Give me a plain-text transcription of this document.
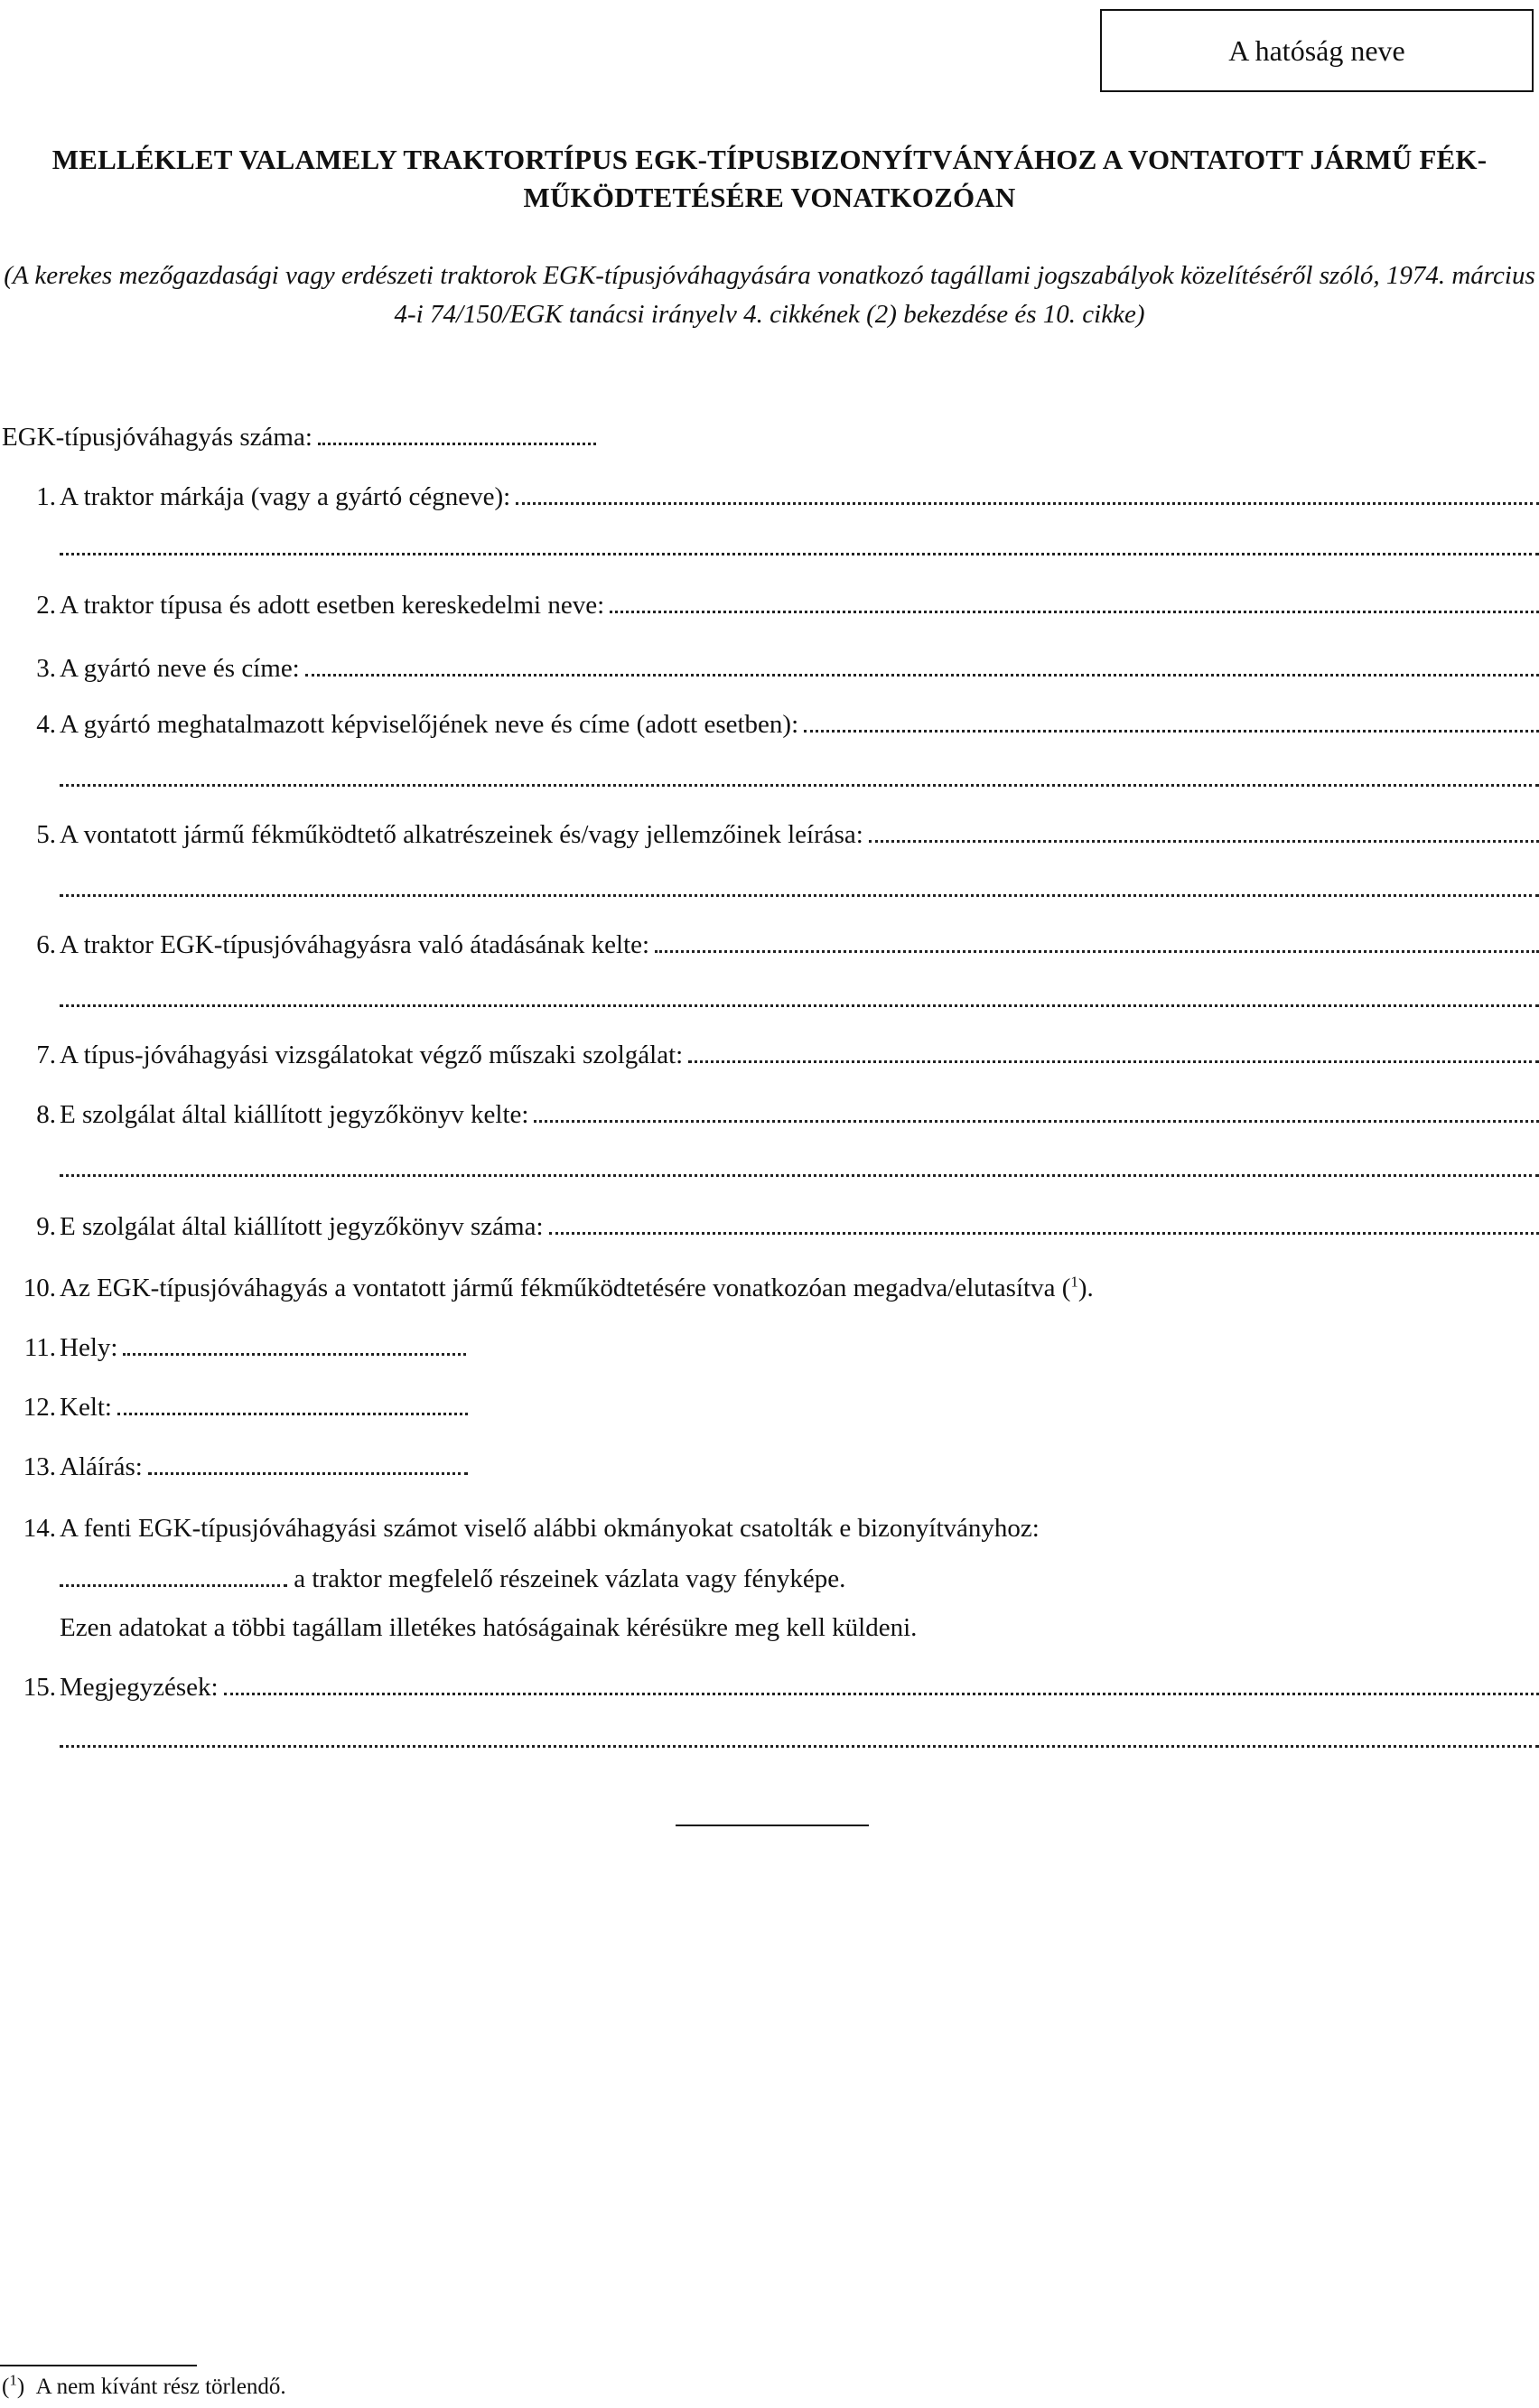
A hatóság neve
MELLÉKLET VALAMELY TRAKTORTÍPUS EGK-TÍPUSBIZONYÍTVÁNYÁHOZ A VONTATOTT JÁRMŰ FÉK-MŰKÖDTETÉSÉRE VONATKOZÓAN
(A kerekes mezőgazdasági vagy erdészeti traktorok EGK-típusjóváhagyására vonatkozó tagállami jogszabályok közelítéséről szóló, 1974. március 4-i 74/150/EGK tanácsi irányelv 4. cikkének (2) bekezdése és 10. cikke)
EGK-típusjóváhagyás száma:
1. A traktor márkája (vagy a gyártó cégneve):
2. A traktor típusa és adott esetben kereskedelmi neve:
3. A gyártó neve és címe:
4. A gyártó meghatalmazott képviselőjének neve és címe (adott esetben):
5. A vontatott jármű fékműködtető alkatrészeinek és/vagy jellemzőinek leírása:
6. A traktor EGK-típusjóváhagyásra való átadásának kelte:
7. A típus-jóváhagyási vizsgálatokat végző műszaki szolgálat:
8. E szolgálat által kiállított jegyzőkönyv kelte:
9. E szolgálat által kiállított jegyzőkönyv száma:
10. Az EGK-típusjóváhagyás a vontatott jármű fékműködtetésére vonatkozóan megadva/elutasítva ($^1$).
11. Hely:
12. Kelt:
13. Aláírás:
14. A fenti EGK-típusjóváhagyási számot viselő alábbi okmányokat csatolták e bizonyítványhoz:
a traktor megfelelő részeinek vázlata vagy fényképe.
Ezen adatokat a többi tagállam illetékes hatóságainak kérésükre meg kell küldeni.
15. Megjegyzések:
($^1$)  A nem kívánt rész törlendő.
